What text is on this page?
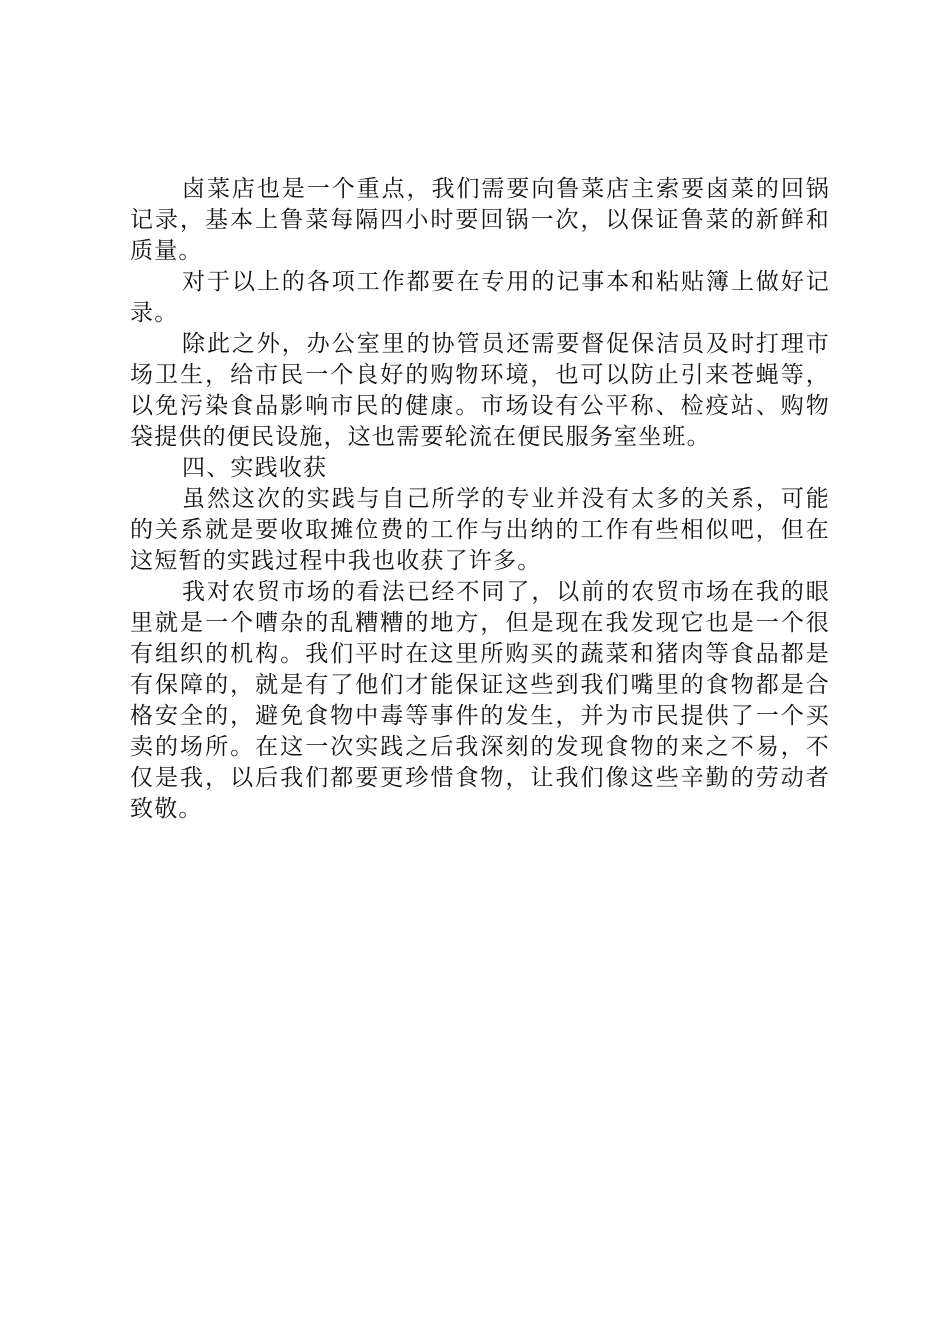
卤菜店也是一个重点，我们需要向鲁菜店主索要卤菜的回锅记录，基本上鲁菜每隔四小时要回锅一次，以保证鲁菜的新鲜和质量。

对于以上的各项工作都要在专用的记事本和粘贴簿上做好记录。

除此之外，办公室里的协管员还需要督促保洁员及时打理市场卫生，给市民一个良好的购物环境，也可以防止引来苍蝇等，以免污染食品影响市民的健康。市场设有公平称、检疫站、购物袋提供的便民设施，这也需要轮流在便民服务室坐班。

四、实践收获

虽然这次的实践与自己所学的专业并没有太多的关系，可能的关系就是要收取摊位费的工作与出纳的工作有些相似吧，但在这短暂的实践过程中我也收获了许多。

我对农贸市场的看法已经不同了，以前的农贸市场在我的眼里就是一个嘈杂的乱糟糟的地方，但是现在我发现它也是一个很有组织的机构。我们平时在这里所购买的蔬菜和猪肉等食品都是有保障的，就是有了他们才能保证这些到我们嘴里的食物都是合格安全的，避免食物中毒等事件的发生，并为市民提供了一个买卖的场所。在这一次实践之后我深刻的发现食物的来之不易，不仅是我，以后我们都要更珍惜食物，让我们像这些辛勤的劳动者致敬。
